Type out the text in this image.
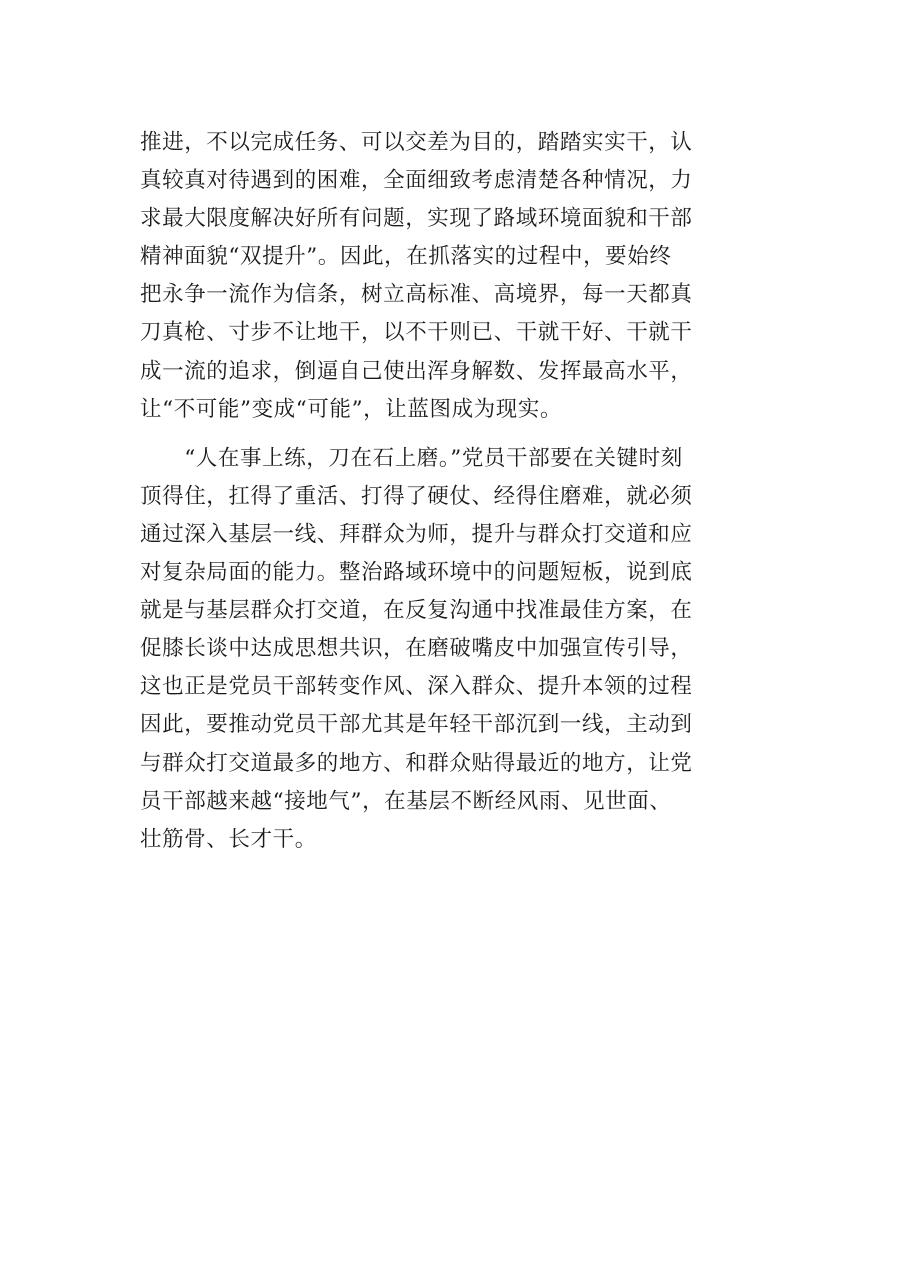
推进，不以完成任务、可以交差为目的，踏踏实实干，认
真较真对待遇到的困难，全面细致考虑清楚各种情况，力
求最大限度解决好所有问题，实现了路域环境面貌和干部
精神面貌“双提升”。因此，在抓落实的过程中，要始终
把永争一流作为信条，树立高标准、高境界，每一天都真
刀真枪、寸步不让地干，以不干则已、干就干好、干就干
成一流的追求，倒逼自己使出浑身解数、发挥最高水平，
让“不可能”变成“可能”，让蓝图成为现实。
　　“人在事上练，刀在石上磨。”党员干部要在关键时刻
顶得住，扛得了重活、打得了硬仗、经得住磨难，就必须
通过深入基层一线、拜群众为师，提升与群众打交道和应
对复杂局面的能力。整治路域环境中的问题短板，说到底
就是与基层群众打交道，在反复沟通中找准最佳方案，在
促膝长谈中达成思想共识，在磨破嘴皮中加强宣传引导，
这也正是党员干部转变作风、深入群众、提升本领的过程
因此，要推动党员干部尤其是年轻干部沉到一线，主动到
与群众打交道最多的地方、和群众贴得最近的地方，让党
员干部越来越“接地气”，在基层不断经风雨、见世面、
壮筋骨、长才干。
